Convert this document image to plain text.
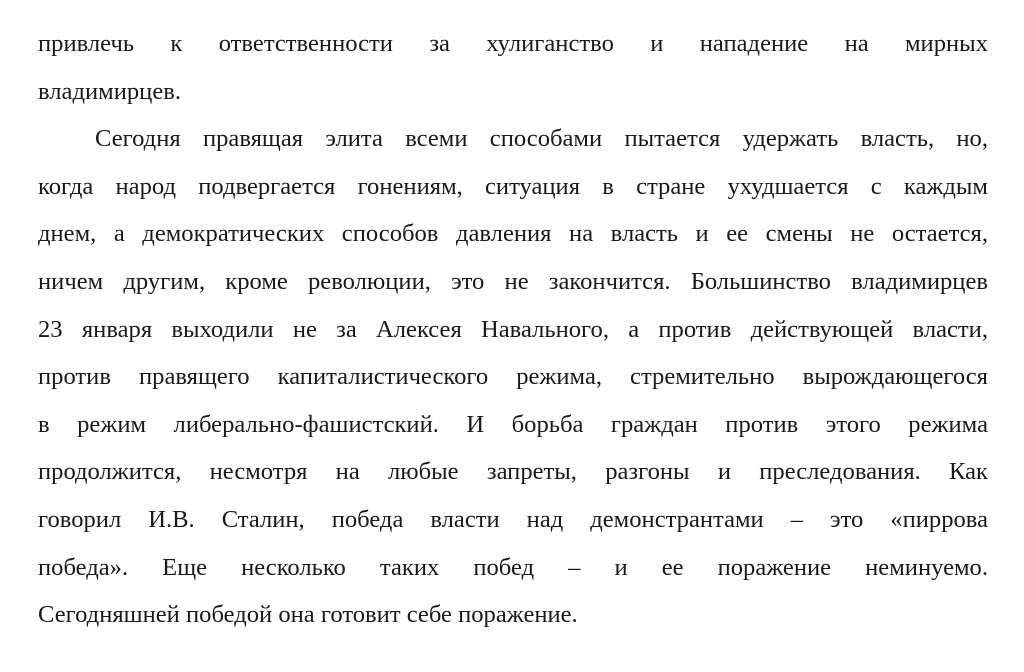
привлечь к ответственности за хулиганство и нападение на мирных
владимирцев.
Сегодня правящая элита всеми способами пытается удержать власть, но,
когда народ подвергается гонениям, ситуация в стране ухудшается с каждым
днем, а демократических способов давления на власть и ее смены не остается,
ничем другим, кроме революции, это не закончится. Большинство владимирцев
23 января выходили не за Алексея Навального, а против действующей власти,
против правящего капиталистического режима, стремительно вырождающегося
в режим либерально-фашистский. И борьба граждан против этого режима
продолжится, несмотря на любые запреты, разгоны и преследования. Как
говорил И.В. Сталин, победа власти над демонстрантами – это «пиррова
победа». Еще несколько таких побед – и ее поражение неминуемо.
Сегодняшней победой она готовит себе поражение.
